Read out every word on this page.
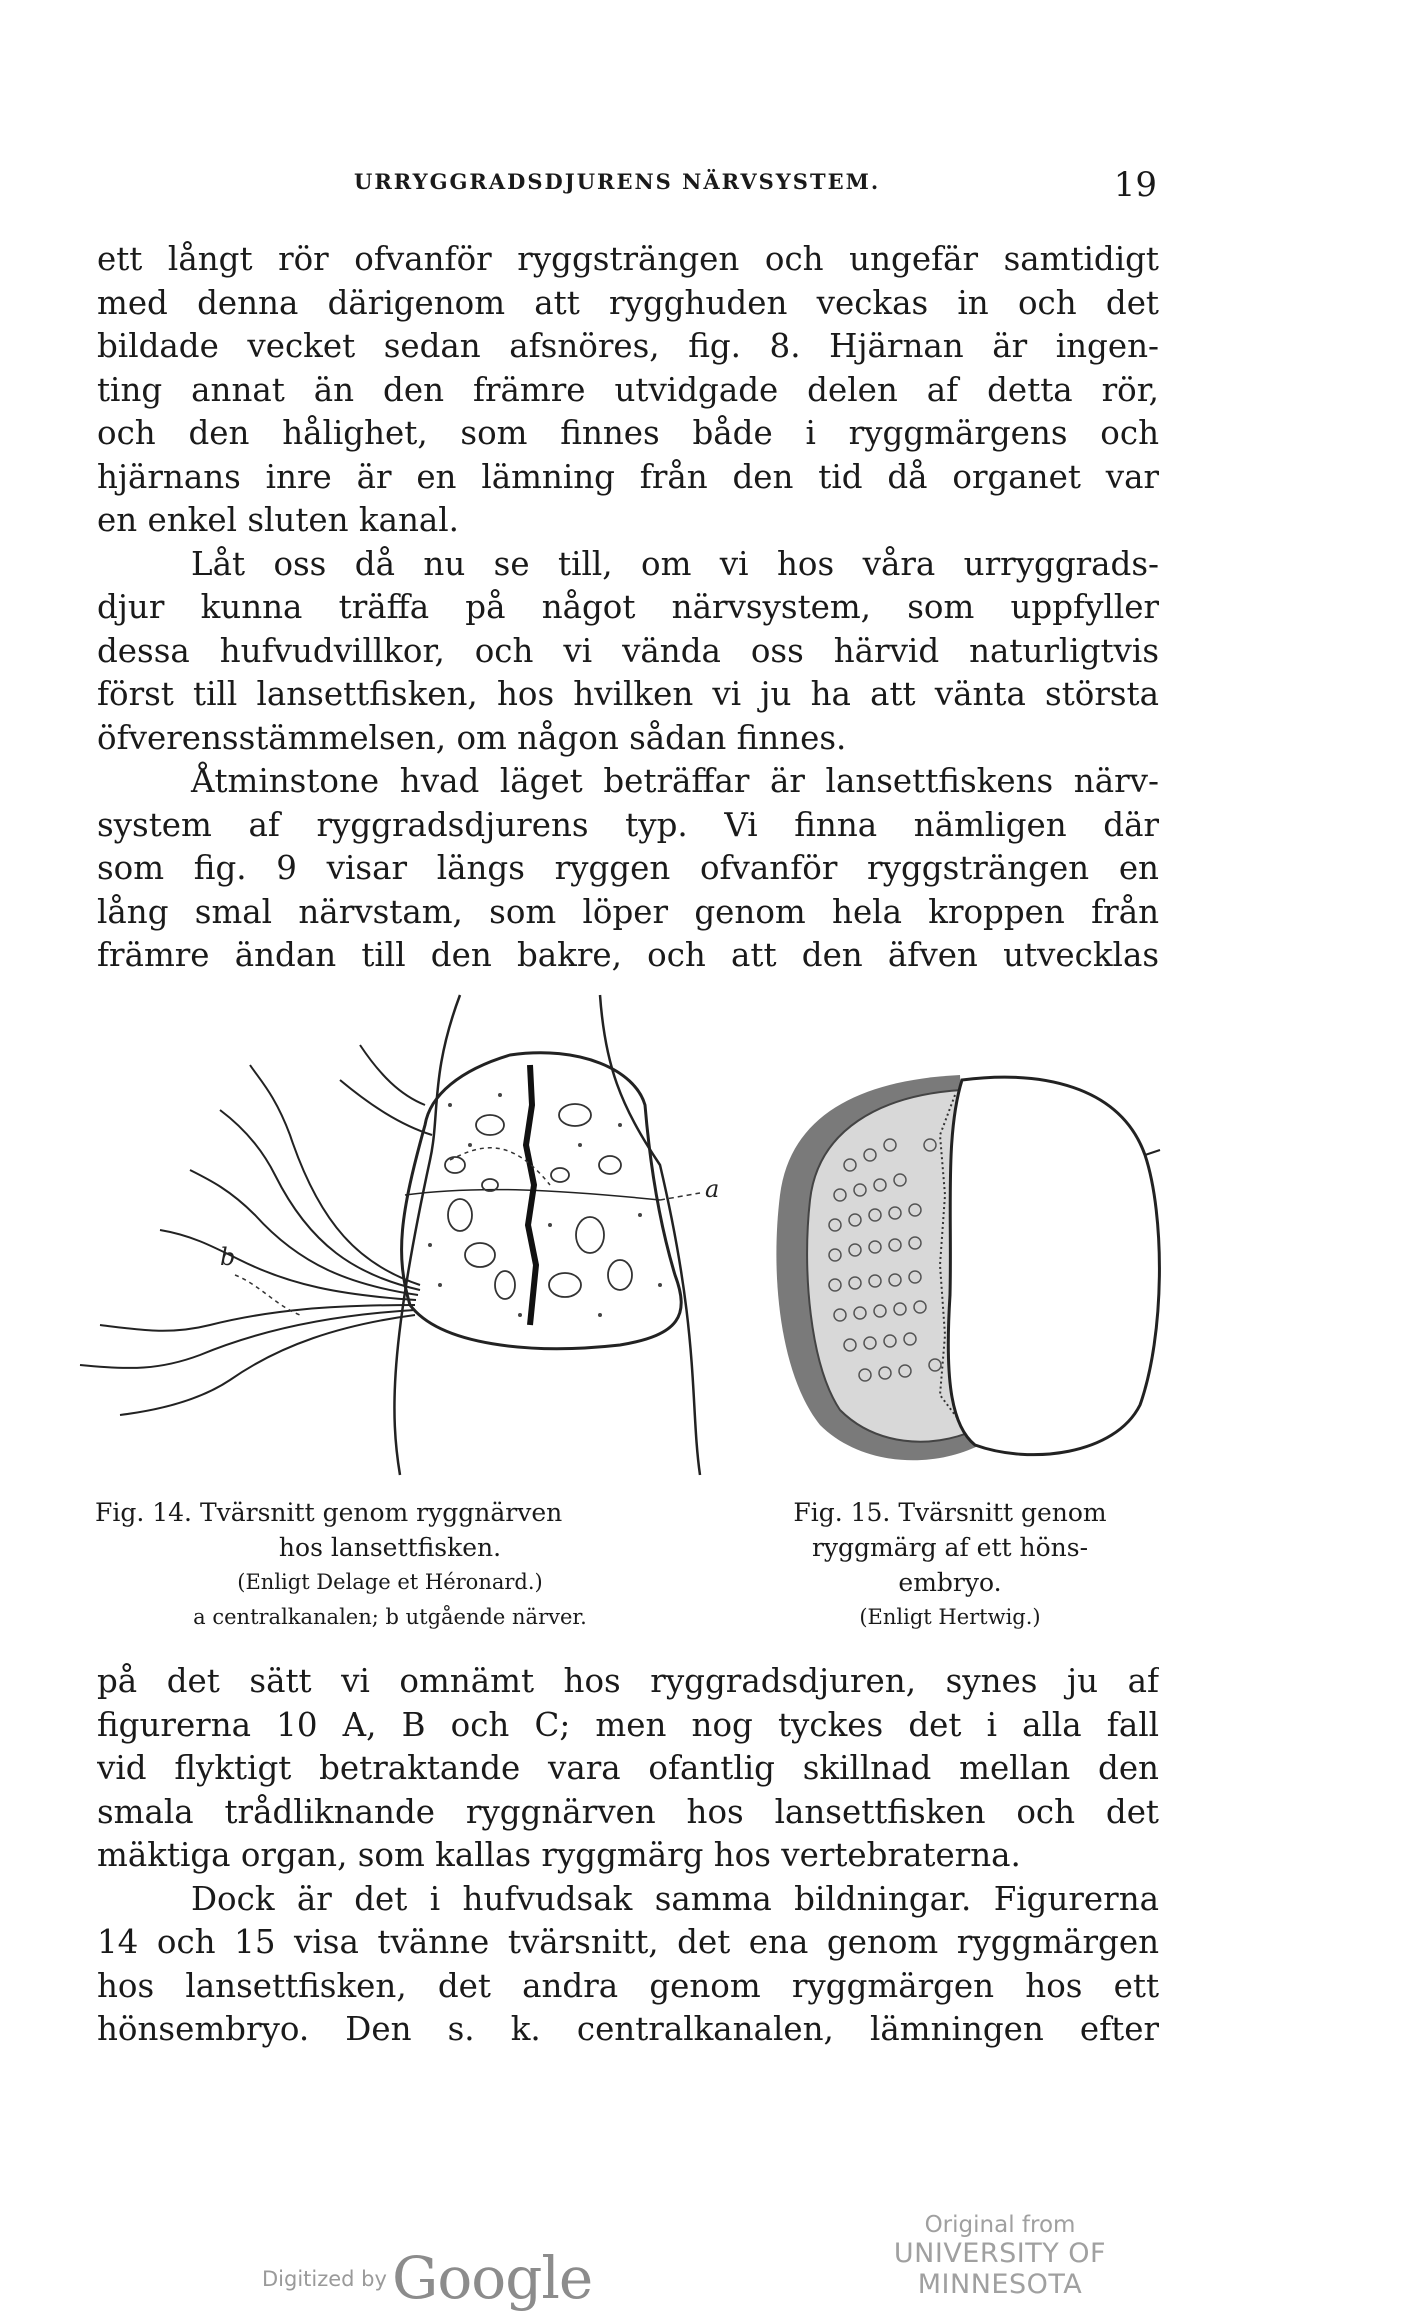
URRYGGRADSDJURENS NÄRVSYSTEM.	19
ett långt rör ofvanför ryggsträngen och ungefär samtidigt
med denna därigenom att rygghuden veckas in och det
bildade vecket sedan afsnöres, fig. 8. Hjärnan är ingen-
ting annat än den främre utvidgade delen af detta rör,
och den hålighet, som finnes både i ryggmärgens och
hjärnans inre är en lämning från den tid då organet var
en enkel sluten kanal.
Låt oss då nu se till, om vi hos våra urryggrads-
djur kunna träffa på något närvsystem, som uppfyller
dessa hufvudvillkor, och vi vända oss härvid naturligtvis
först till lansettfisken, hos hvilken vi ju ha att vänta största
öfverensstämmelsen, om någon sådan finnes.
Åtminstone hvad läget beträffar är lansettfiskens närv-
system af ryggradsdjurens typ. Vi finna nämligen där
som fig. 9 visar längs ryggen ofvanför ryggsträngen en
lång smal närvstam, som löper genom hela kroppen från
främre ändan till den bakre, och att den äfven utvecklas
a
b
Fig. 14. Tvärsnitt genom ryggnärven
hos lansettfisken.
(Enligt Delage et Héronard.)
a centralkanalen; b utgående närver.
Fig. 15. Tvärsnitt genom
ryggmärg af ett höns-
embryo.
(Enligt Hertwig.)
på det sätt vi omnämt hos ryggradsdjuren, synes ju af
figurerna 10 A, B och C; men nog tyckes det i alla fall
vid flyktigt betraktande vara ofantlig skillnad mellan den
smala trådliknande ryggnärven hos lansettfisken och det
mäktiga organ, som kallas ryggmärg hos vertebraterna.
Dock är det i hufvudsak samma bildningar. Figurerna
14 och 15 visa tvänne tvärsnitt, det ena genom ryggmärgen
hos lansettfisken, det andra genom ryggmärgen hos ett
hönsembryo. Den s. k. centralkanalen, lämningen efter
Digitized by Google
Original from
UNIVERSITY OF MINNESOTA
